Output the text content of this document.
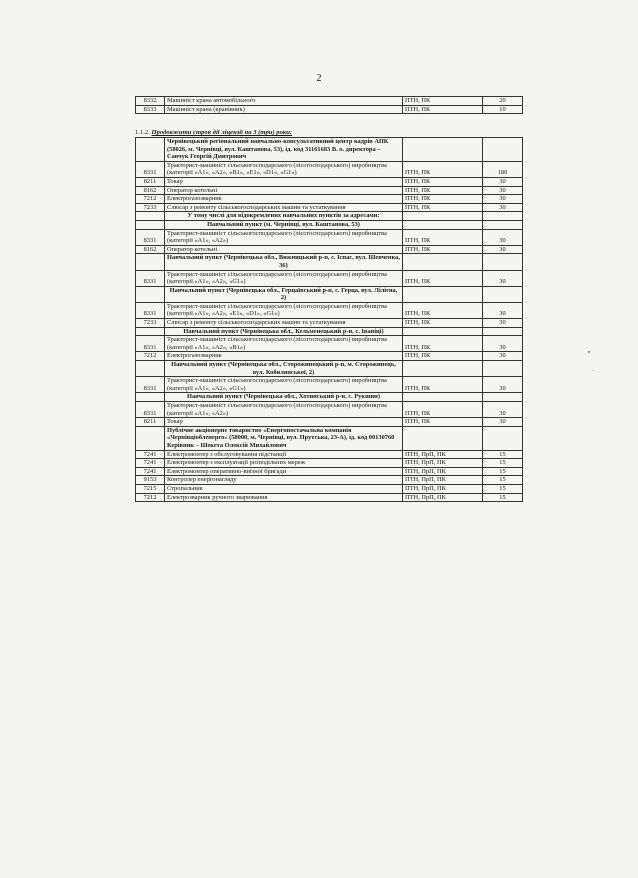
2
8332	Машиніст крана автомобільного	ПТН, ПК	20
8333	Машиніст крана (кранівник)	ПТН, ПК	10
1.1.2. Продовжити строк дії ліцензії на 3 (три) роки:
	Чернівецький регіональний навчально-консультативний центр кадрів АПК (58026, м. Чернівці, вул. Каштанова, 53), ід. код 31161683 В. о. директора – Савчук Георгій Дмитрович		
8331	Тракторист-машиніст сільськогосподарського (лісогосподарського) виробництва (категорії «А1», «А2», «В1», «Е1», «D1», «G1»)	ПТН, ПК	180
8211	Токар	ПТН, ПК	30
8162	Оператор котельні	ПТН, ПК	30
7212	Електрогазозварник	ПТН, ПК	30
7233	Слюсар з ремонту сільськогосподарських машин та устаткування	ПТН, ПК	30
	У тому числі для відокремлених навчальних пунктів за адресами:		
	Навчальний пункт (м. Чернівці, вул. Каштанова, 53)		
8331	Тракторист-машиніст сільськогосподарського (лісогосподарського) виробництва (категорії «А1», «А2»)	ПТН, ПК	30
8162	Оператор котельні	ПТН, ПК	30
	Навчальний пункт (Чернівецька обл., Вижницький р-н, с. Іспас, вул. Шевченка, 36)		
8331	Тракторист-машиніст сільськогосподарського (лісогосподарського) виробництва (категорії «А1», «А2», «G1»)	ПТН, ПК	30
	Навчальний пункт (Чернівецька обл., Герцаївський р-н, с. Герца, вул. Лілієна, 2)		
8331	Тракторист-машиніст сільськогосподарського (лісогосподарського) виробництва (категорії «А1», «А2», «Е1», «D1», «G1»)	ПТН, ПК	30
7233	Слюсар з ремонту сільськогосподарських машин та устаткування	ПТН, ПК	30
	Навчальний пункт (Чернівецька обл., Кельменецький р-н, с. Іваніці)		
8331	Тракторист-машиніст сільськогосподарського (лісогосподарського) виробництва (категорії «А1», «А2», «В1»)	ПТН, ПК	30
7212	Електрогазозварник	ПТН, ПК	30
	Навчальний пункт (Чернівецька обл., Сторожинецький р-н, м. Сторожинець, вул. Кобилянської, 2)		
8331	Тракторист-машиніст сільськогосподарського (лісогосподарського) виробництва (категорії «А1», «А2», «G1»)	ПТН, ПК	30
	Навчальний пункт (Чернівецька обл., Хотинський р-н, с. Рукшин)		
8331	Тракторист-машиніст сільськогосподарського (лісогосподарського) виробництва (категорії «А1», «А2»)	ПТН, ПК	30
8211	Токар	ПТН, ПК	30
	Публічне акціонерне товариство «Енергопостачальна компанія «Чернівціобленерго» (58000, м. Чернівці, вул. Прутська, 23-А), ід. код 00130760 Керівник – Шекета Олексій Михайлович		
7241	Електромонтер з обслуговування підстанції	ПТН, ПрП, ПК	15
7241	Електромонтер з експлуатації розподільних мереж	ПТН, ПрП, ПК	15
7241	Електромонтер оперативно-виїзної бригади	ПТН, ПрП, ПК	15
9153	Контролер енергонагляду	ПТН, ПрП, ПК	15
7215	Стропальник	ПТН, ПрП, ПК	15
7212	Електрозварник ручного зварювання	ПТН, ПрП, ПК	15
٭
·
